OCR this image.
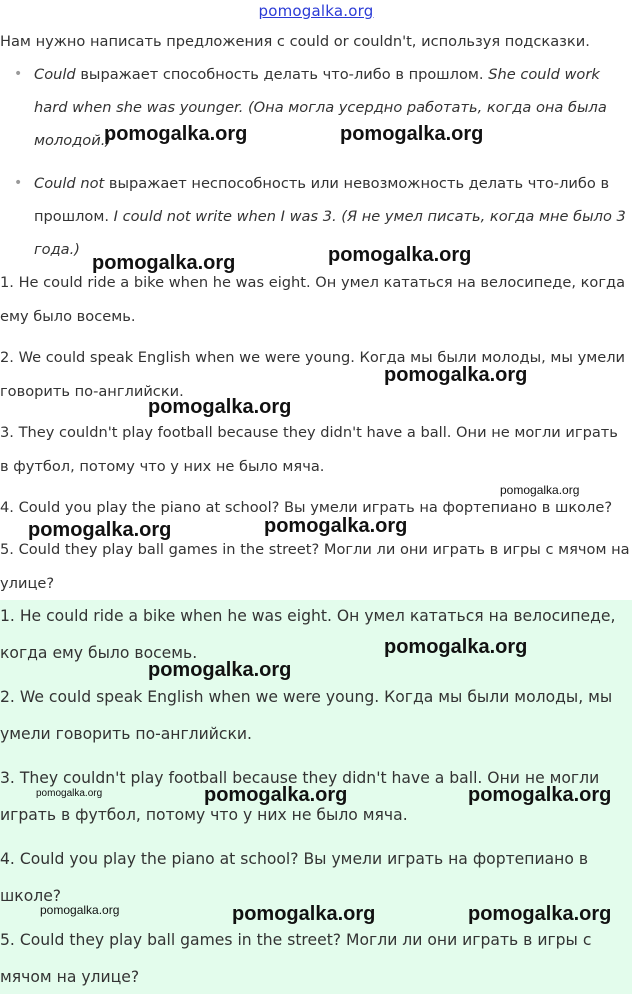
pomogalka.org
Нам нужно написать предложения с could or couldn't, используя подсказки.
• Could выражает способность делать что-либо в прошлом. She could work hard when she was younger. (Она могла усердно работать, когда она была молодой.)
• Could not выражает неспособность или невозможность делать что-либо в прошлом. I could not write when I was 3. (Я не умел писать, когда мне было 3 года.)
1. He could ride a bike when he was eight. Он умел кататься на велосипеде, когда ему было восемь.
2. We could speak English when we were young. Когда мы были молоды, мы умели говорить по-английски.
3. They couldn't play football because they didn't have a ball. Они не могли играть в футбол, потому что у них не было мяча.
4. Could you play the piano at school? Вы умели играть на фортепиано в школе?
5. Could they play ball games in the street? Могли ли они играть в игры с мячом на улице?
1. He could ride a bike when he was eight. Он умел кататься на велосипеде, когда ему было восемь.
2. We could speak English when we were young. Когда мы были молоды, мы умели говорить по-английски.
3. They couldn't play football because they didn't have a ball. Они не могли играть в футбол, потому что у них не было мяча.
4. Could you play the piano at school? Вы умели играть на фортепиано в школе?
5. Could they play ball games in the street? Могли ли они играть в игры с мячом на улице?
pomogalka.org	pomogalka.org
pomogalka.org
pomogalka.org
pomogalka.org
pomogalka.org
pomogalka.org
pomogalka.org
pomogalka.org
pomogalka.org
pomogalka.org
pomogalka.org	pomogalka.org	pomogalka.org
pomogalka.org	pomogalka.org	pomogalka.org
